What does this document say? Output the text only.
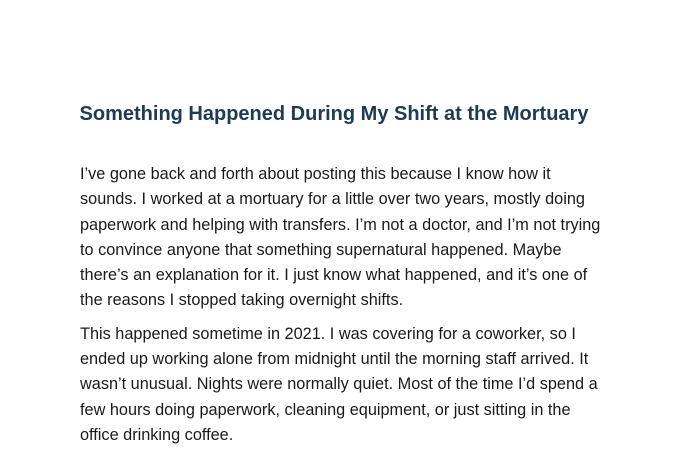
Something Happened During My Shift at the Mortuary

I’ve gone back and forth about posting this because I know how it sounds. I worked at a mortuary for a little over two years, mostly doing paperwork and helping with transfers. I’m not a doctor, and I’m not trying to convince anyone that something supernatural happened. Maybe there’s an explanation for it. I just know what happened, and it’s one of the reasons I stopped taking overnight shifts.

This happened sometime in 2021. I was covering for a coworker, so I ended up working alone from midnight until the morning staff arrived. It wasn’t unusual. Nights were normally quiet. Most of the time I’d spend a few hours doing paperwork, cleaning equipment, or just sitting in the office drinking coffee.
